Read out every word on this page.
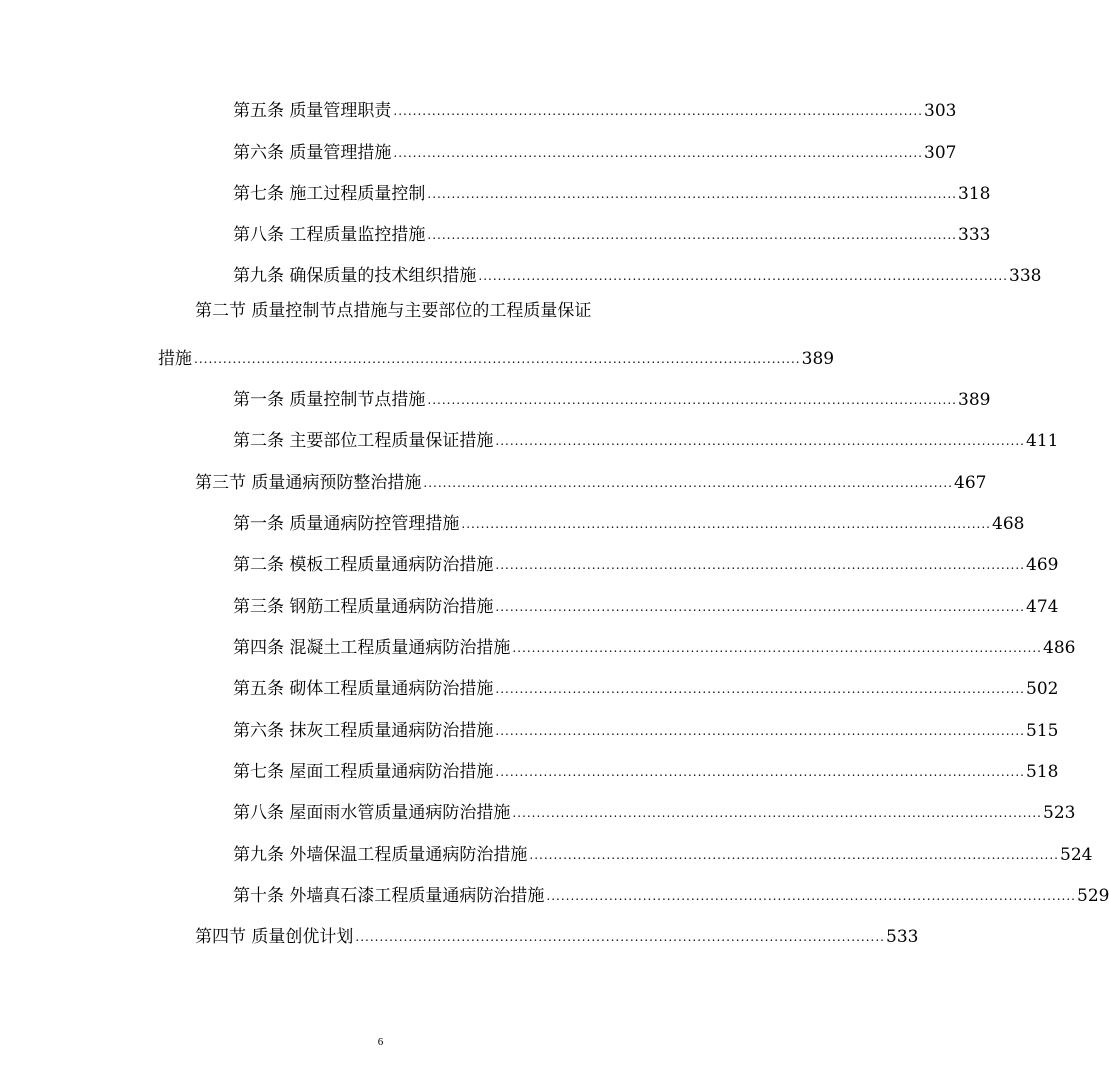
第五条 质量管理职责 .............................................................................................................. 303
第六条 质量管理措施 .............................................................................................................. 307
第七条 施工过程质量控制 .............................................................................................................. 318
第八条 工程质量监控措施 .............................................................................................................. 333
第九条 确保质量的技术组织措施 .............................................................................................................. 338
第二节 质量控制节点措施与主要部位的工程质量保证
措施 .............................................................................................................................. 389
第一条 质量控制节点措施 .............................................................................................................. 389
第二条 主要部位工程质量保证措施 .............................................................................................................. 411
第三节 质量通病预防整治措施 .............................................................................................................. 467
第一条 质量通病防控管理措施 .............................................................................................................. 468
第二条 模板工程质量通病防治措施 .............................................................................................................. 469
第三条 钢筋工程质量通病防治措施 .............................................................................................................. 474
第四条 混凝土工程质量通病防治措施 .............................................................................................................. 486
第五条 砌体工程质量通病防治措施 .............................................................................................................. 502
第六条 抹灰工程质量通病防治措施 .............................................................................................................. 515
第七条 屋面工程质量通病防治措施 .............................................................................................................. 518
第八条 屋面雨水管质量通病防治措施 .............................................................................................................. 523
第九条 外墙保温工程质量通病防治措施 .............................................................................................................. 524
第十条 外墙真石漆工程质量通病防治措施 .............................................................................................................. 529
第四节 质量创优计划 .............................................................................................................. 533
6
